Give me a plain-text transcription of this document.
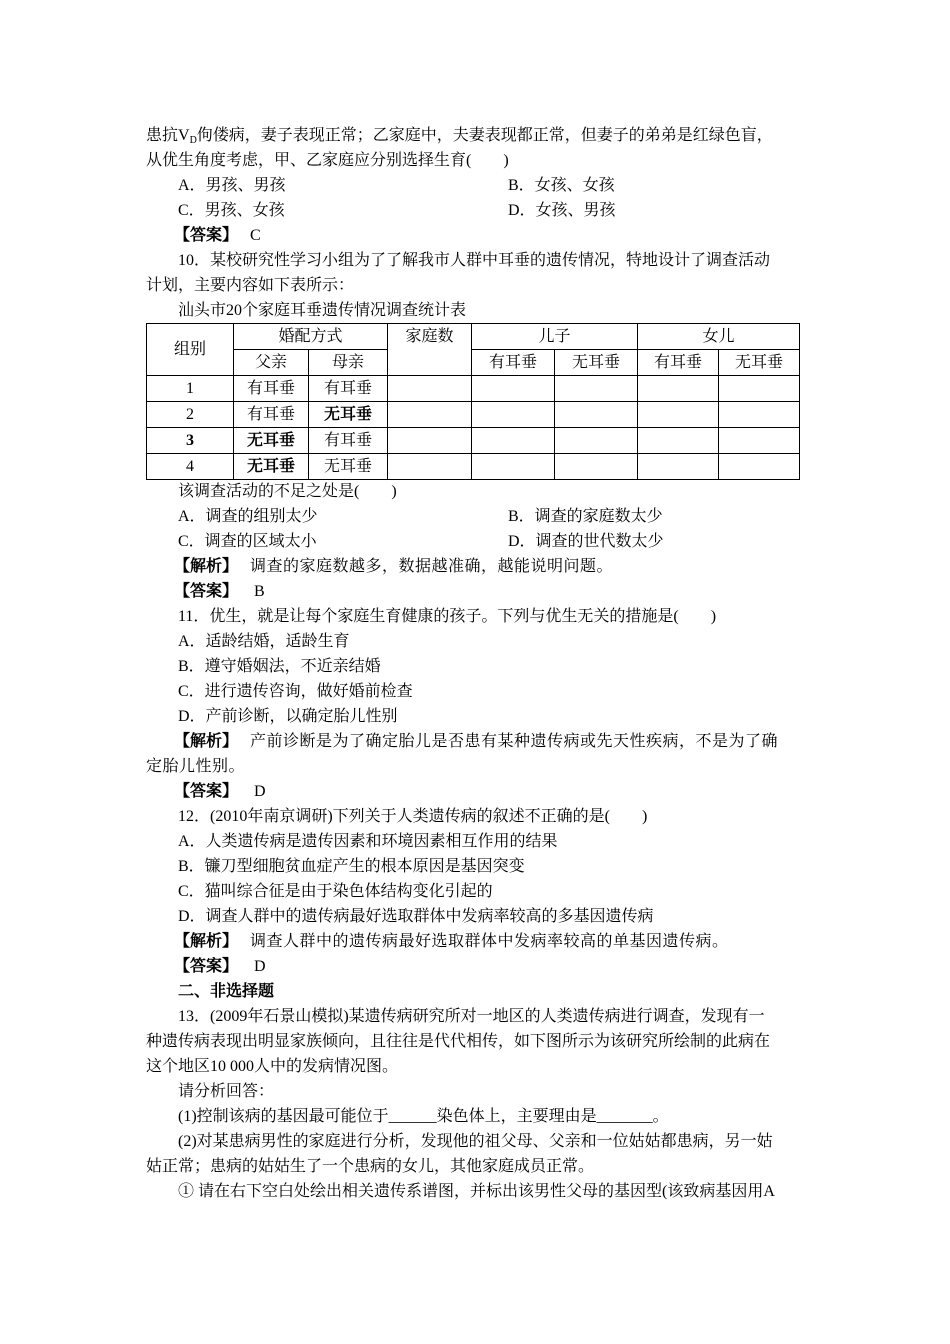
患抗$V_D$佝偻病，妻子表现正常；乙家庭中，夫妻表现都正常，但妻子的弟弟是红绿色盲，
从优生角度考虑，甲、乙家庭应分别选择生育(　　)
A．男孩、男孩	B．女孩、女孩
C．男孩、女孩	D．女孩、男孩
【答案】 C
10．某校研究性学习小组为了了解我市人群中耳垂的遗传情况，特地设计了调查活动
计划，主要内容如下表所示：
汕头市20个家庭耳垂遗传情况调查统计表
组别	婚配方式		家庭数	儿子		女儿	
	父亲	母亲		有耳垂	无耳垂	有耳垂	无耳垂
1	有耳垂	有耳垂					
2	有耳垂	无耳垂					
3	无耳垂	有耳垂					
4	无耳垂	无耳垂					
该调查活动的不足之处是(　　)
A．调查的组别太少	B．调查的家庭数太少
C．调查的区域太小	D．调查的世代数太少
【解析】 调查的家庭数越多，数据越准确，越能说明问题。
【答案】 B
11．优生，就是让每个家庭生育健康的孩子。下列与优生无关的措施是(　　)
A．适龄结婚，适龄生育
B．遵守婚姻法，不近亲结婚
C．进行遗传咨询，做好婚前检查
D．产前诊断，以确定胎儿性别
【解析】 产前诊断是为了确定胎儿是否患有某种遗传病或先天性疾病，不是为了确
定胎儿性别。
【答案】 D
12．(2010年南京调研)下列关于人类遗传病的叙述不正确的是(　　)
A．人类遗传病是遗传因素和环境因素相互作用的结果
B．镰刀型细胞贫血症产生的根本原因是基因突变
C．猫叫综合征是由于染色体结构变化引起的
D．调查人群中的遗传病最好选取群体中发病率较高的多基因遗传病
【解析】 调查人群中的遗传病最好选取群体中发病率较高的单基因遗传病。
【答案】 D
二、非选择题
13．(2009年石景山模拟)某遗传病研究所对一地区的人类遗传病进行调查，发现有一
种遗传病表现出明显家族倾向，且往往是代代相传，如下图所示为该研究所绘制的此病在
这个地区10 000人中的发病情况图。
请分析回答：
(1)控制该病的基因最可能位于______染色体上，主要理由是_______。
(2)对某患病男性的家庭进行分析，发现他的祖父母、父亲和一位姑姑都患病，另一姑
姑正常；患病的姑姑生了一个患病的女儿，其他家庭成员正常。
① 请在右下空白处绘出相关遗传系谱图，并标出该男性父母的基因型(该致病基因用A
